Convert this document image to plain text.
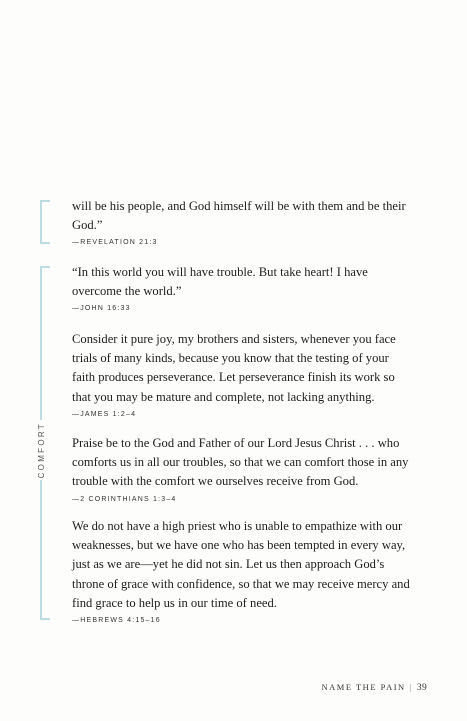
COMFORT

will be his people, and God himself will be with them and be their God.”

—REVELATION 21:3

“In this world you will have trouble. But take heart! I have overcome the world.”

—JOHN 16:33

Consider it pure joy, my brothers and sisters, whenever you face trials of many kinds, because you know that the testing of your faith produces perseverance. Let perseverance finish its work so that you may be mature and complete, not lacking anything.

—JAMES 1:2–4

Praise be to the God and Father of our Lord Jesus Christ . . . who comforts us in all our troubles, so that we can comfort those in any trouble with the comfort we ourselves receive from God.

—2 CORINTHIANS 1:3–4

We do not have a high priest who is unable to empathize with our weaknesses, but we have one who has been tempted in every way, just as we are—yet he did not sin. Let us then approach God’s throne of grace with confidence, so that we may receive mercy and find grace to help us in our time of need.

—HEBREWS 4:15–16
NAME THE PAIN | 39
